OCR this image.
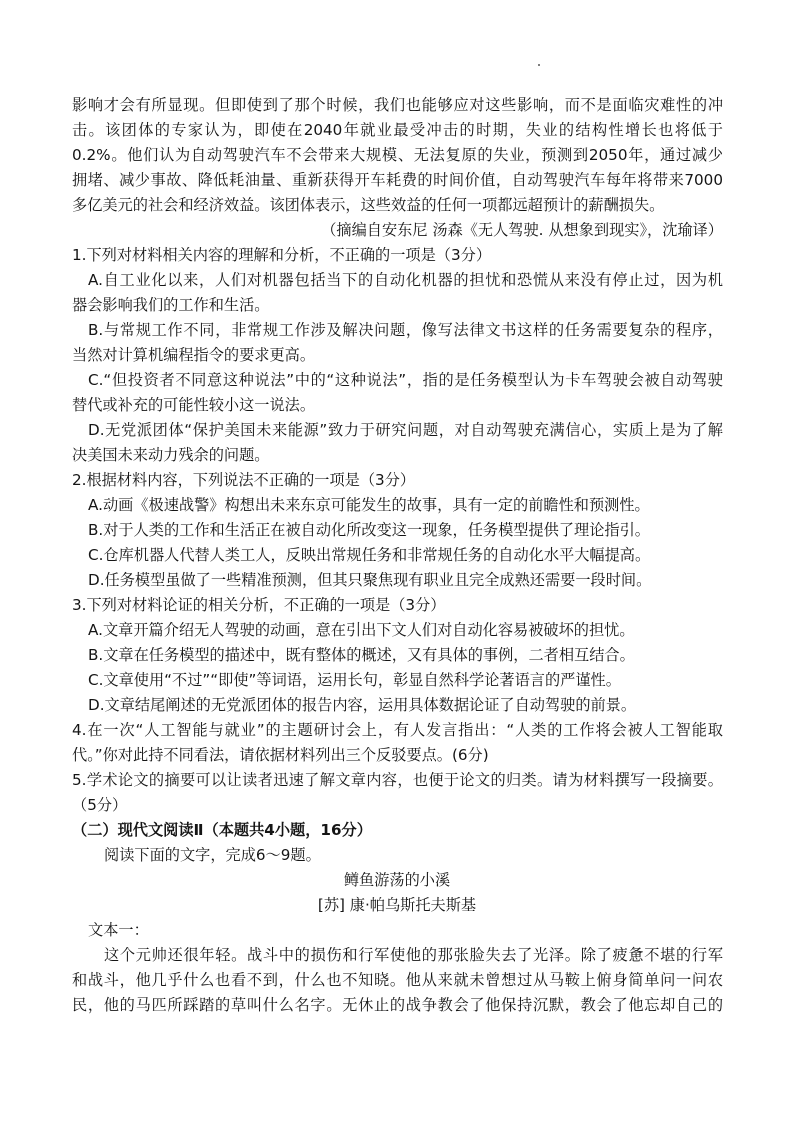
影响才会有所显现。但即使到了那个时候，我们也能够应对这些影响，而不是面临灾难性的冲
击。该团体的专家认为，即使在2040年就业最受冲击的时期，失业的结构性增长也将低于
0.2%。他们认为自动驾驶汽车不会带来大规模、无法复原的失业，预测到2050年，通过减少
拥堵、减少事故、降低耗油量、重新获得开车耗费的时间价值，自动驾驶汽车每年将带来7000
多亿美元的社会和经济效益。该团体表示，这些效益的任何一项都远超预计的薪酬损失。
（摘编自安东尼 汤森《无人驾驶. 从想象到现实》，沈瑜译）
1.下列对材料相关内容的理解和分析，不正确的一项是（3分）
A.自工业化以来，人们对机器包括当下的自动化机器的担忧和恐慌从来没有停止过，因为机
器会影响我们的工作和生活。
B.与常规工作不同，非常规工作涉及解决问题，像写法律文书这样的任务需要复杂的程序，
当然对计算机编程指令的要求更高。
C.“但投资者不同意这种说法”中的“这种说法”，指的是任务模型认为卡车驾驶会被自动驾驶
替代或补充的可能性较小这一说法。
D.无党派团体“保护美国未来能源”致力于研究问题，对自动驾驶充满信心，实质上是为了解
决美国未来动力残余的问题。
2.根据材料内容，下列说法不正确的一项是（3分）
A.动画《极速战警》构想出未来东京可能发生的故事，具有一定的前瞻性和预测性。
B.对于人类的工作和生活正在被自动化所改变这一现象，任务模型提供了理论指引。
C.仓库机器人代替人类工人，反映出常规任务和非常规任务的自动化水平大幅提高。
D.任务模型虽做了一些精准预测，但其只聚焦现有职业且完全成熟还需要一段时间。
3.下列对材料论证的相关分析，不正确的一项是（3分）
A.文章开篇介绍无人驾驶的动画，意在引出下文人们对自动化容易被破坏的担忧。
B.文章在任务模型的描述中，既有整体的概述，又有具体的事例，二者相互结合。
C.文章使用“不过”“即使”等词语，运用长句，彰显自然科学论著语言的严谨性。
D.文章结尾阐述的无党派团体的报告内容，运用具体数据论证了自动驾驶的前景。
4.在一次“人工智能与就业”的主题研讨会上，有人发言指出：“人类的工作将会被人工智能取
代。”你对此持不同看法，请依据材料列出三个反驳要点。(6分)
5.学术论文的摘要可以让读者迅速了解文章内容，也便于论文的归类。请为材料撰写一段摘要。
（5分）
（二）现代文阅读Ⅱ（本题共4小题，16分）
阅读下面的文字，完成6～9题。
鳟鱼游荡的小溪
[苏] 康·帕乌斯托夫斯基
文本一：
这个元帅还很年轻。战斗中的损伤和行军使他的那张脸失去了光泽。除了疲惫不堪的行军
和战斗，他几乎什么也看不到，什么也不知晓。他从来就未曾想过从马鞍上俯身简单问一问农
民，他的马匹所踩踏的草叫什么名字。无休止的战争教会了他保持沉默，教会了他忘却自己的
